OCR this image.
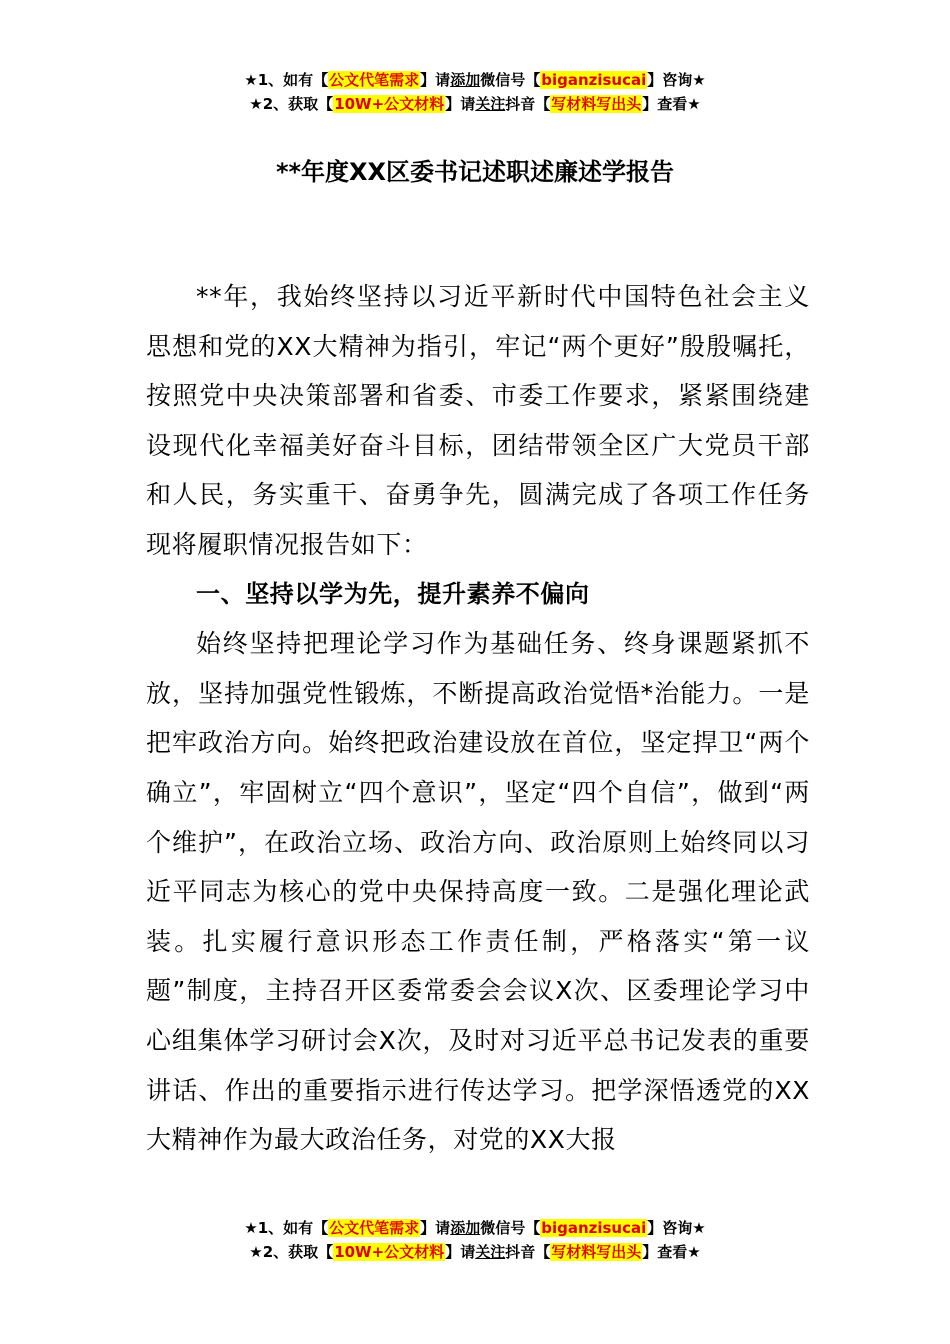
★1、如有【公文代笔需求】请添加微信号【biganzisucai】咨询★
★2、获取【10W+公文材料】请关注抖音【写材料写出头】查看★
**年度XX区委书记述职述廉述学报告

**年，我始终坚持以习近平新时代中国特色社会主义思想和党的XX大精神为指引，牢记“两个更好”殷殷嘱托，按照党中央决策部署和省委、市委工作要求，紧紧围绕建设现代化幸福美好奋斗目标，团结带领全区广大党员干部和人民，务实重干、奋勇争先，圆满完成了各项工作任务现将履职情况报告如下：

一、坚持以学为先，提升素养不偏向

始终坚持把理论学习作为基础任务、终身课题紧抓不放，坚持加强党性锻炼，不断提高政治觉悟*治能力。一是把牢政治方向。始终把政治建设放在首位，坚定捍卫“两个确立”，牢固树立“四个意识”，坚定“四个自信”，做到“两个维护”，在政治立场、政治方向、政治原则上始终同以习近平同志为核心的党中央保持高度一致。二是强化理论武装。扎实履行意识形态工作责任制，严格落实“第一议题”制度，主持召开区委常委会会议X次、区委理论学习中心组集体学习研讨会X次，及时对习近平总书记发表的重要讲话、作出的重要指示进行传达学习。把学深悟透党的XX大精神作为最大政治任务，对党的XX大报

★1、如有【公文代笔需求】请添加微信号【biganzisucai】咨询★
★2、获取【10W+公文材料】请关注抖音【写材料写出头】查看★
